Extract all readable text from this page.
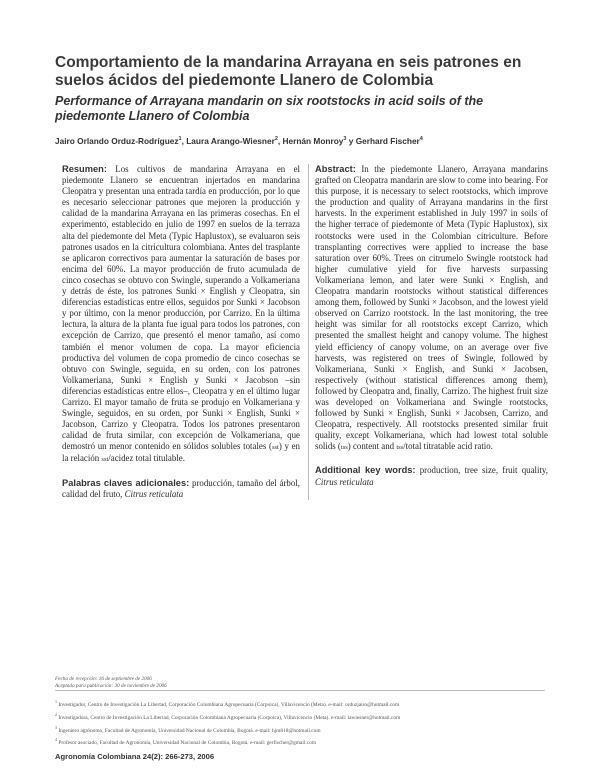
Comportamiento de la mandarina Arrayana en seis patrones en suelos ácidos del piedemonte Llanero de Colombia
Performance of Arrayana mandarin on six rootstocks in acid soils of the piedemonte Llanero of Colombia
Jairo Orlando Orduz-Rodríguez$^1$, Laura Arango-Wiesner$^2$, Hernán Monroy$^3$ y Gerhard Fischer$^4$
Resumen: Los cultivos de mandarina Arrayana en el piedemonte Llanero se encuentran injertados en mandarina Cleopatra y presentan una entrada tardía en producción, por lo que es necesario seleccionar patrones que mejoren la producción y calidad de la mandarina Arrayana en las primeras cosechas. En el experimento, establecido en julio de 1997 en suelos de la terraza alta del piedemonte del Meta (Typic Haplustox), se evaluaron seis patrones usados en la citricultura colombiana. Antes del trasplante se aplicaron correctivos para aumentar la saturación de bases por encima del 60%. La mayor producción de fruto acumulada de cinco cosechas se obtuvo con Swingle, superando a Volkameriana y detrás de éste, los patrones Sunki × English y Cleopatra, sin diferencias estadísticas entre ellos, seguidos por Sunki × Jacobson y por último, con la menor producción, por Carrizo. En la última lectura, la altura de la planta fue igual para todos los patrones, con excepción de Carrizo, que presentó el menor tamaño, así como también el menor volumen de copa. La mayor eficiencia productiva del volumen de copa promedio de cinco cosechas se obtuvo con Swingle, seguida, en su orden, con los patrones Volkameriana, Sunki × English y Sunki × Jacobson –sin diferencias estadísticas entre ellos–, Cleopatra y en el último lugar Carrizo. El mayor tamaño de fruta se produjo en Volkameriana y Swingle, seguidos, en su orden, por Sunki × English, Sunki × Jacobson, Carrizo y Cleopatra. Todos los patrones presentaron calidad de fruta similar, con excepción de Volkameriana, que demostró un menor contenido en sólidos solubles totales (sst) y en la relación sst/acidez total titulable.
Palabras claves adicionales: producción, tamaño del árbol, calidad del fruto, Citrus reticulata
Abstract: In the piedemonte Llanero, Arrayana mandarins grafted on Cleopatra mandarin are slow to come into bearing. For this purpose, it is necessary to select rootstocks, which improve the production and quality of Arrayana mandarins in the first harvests. In the experiment established in July 1997 in soils of the higher terrace of piedemonte of Meta (Typic Haplustox), six rootstocks were used in the Colombian citriculture. Before transplanting correctives were applied to increase the base saturation over 60%. Trees on citrumelo Swingle rootstock had higher cumulative yield for five harvests surpassing Volkameriana lemon, and later were Sunki × English, and Cleopatra mandarin rootstocks without statistical differences among them, followed by Sunki × Jacobson, and the lowest yield observed on Carrizo rootstock. In the last monitoring, the tree height was similar for all rootstocks except Carrizo, which presented the smallest height and canopy volume. The highest yield efficiency of canopy volume, on an average over five harvests, was registered on trees of Swingle, followed by Volkameriana, Sunki × English, and Sunki × Jacobsen, respectively (without statistical differences among them), followed by Cleopatra and, finally, Carrizo. The highest fruit size was developed on Volkameriana and Swingle rootstocks, followed by Sunki × English, Sunki × Jacobsen, Carrizo, and Cleopatra, respectively. All rootstocks presented similar fruit quality, except Volkameriana, which had lowest total soluble solids (tss) content and tss/total titratable acid ratio.
Additional key words: production, tree size, fruit quality, Citrus reticulata
Fecha de recepción: 16 de septiembre de 2006
Aceptado para publicación: 30 de noviembre de 2006
$^1$ Investigador, Centro de Investigación La Libertad, Corporación Colombiana Agropecuaria (Corpoica), Villavicencio (Meta). e-mail: orduzjairo@hotmail.com
$^2$ Investigadora, Centro de Investigación La Libertad, Corporación Colombiana Agropecuaria (Corpoica), Villavicencio (Meta). e-mail: lawiesner@hotmail.com
$^3$ Ingeniero agrónomo, Facultad de Agronomía, Universidad Nacional de Colombia, Bogotá. e-mail: hjm818@hotmail.com
$^4$ Profesor asociado, Facultad de Agronomía, Universidad Nacional de Colombia, Bogotá. e-mail: gerfischer@gmail.com
Agronomía Colombiana 24(2): 266-273, 2006
